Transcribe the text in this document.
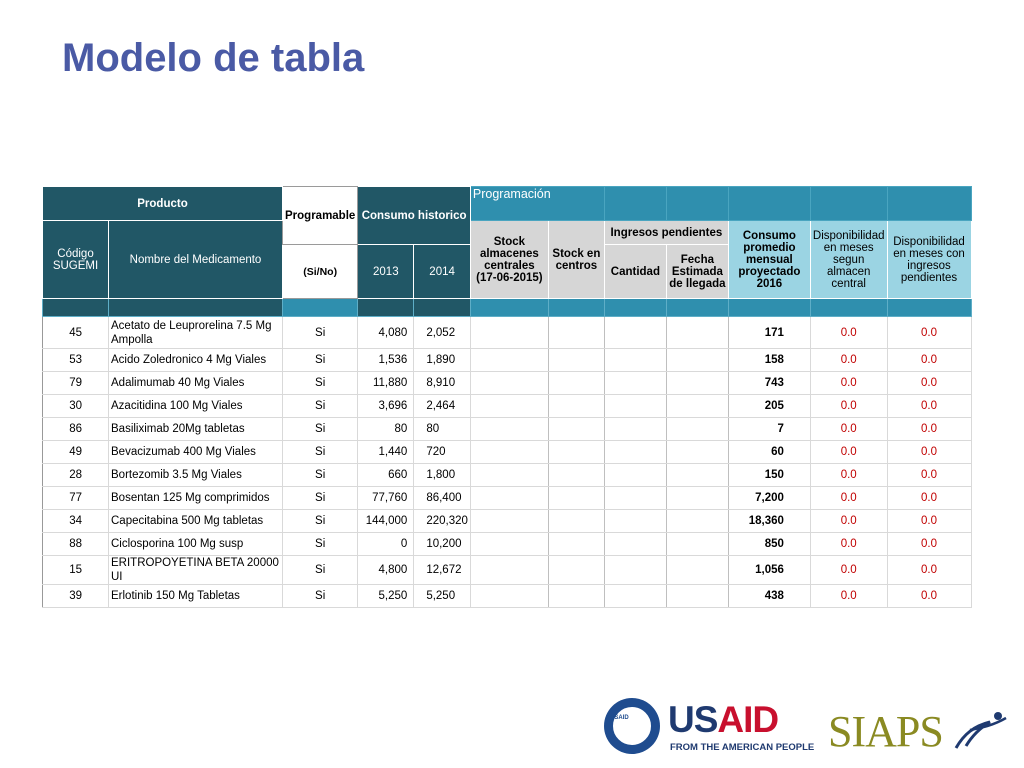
Modelo de tabla
Producto		Programable	Consumo historico		Programación						
Código SUGEMI	Nombre del Medicamento				Stock almacenes centrales (17-06-2015)	Stock en centros	Ingresos pendientes		Consumo promedio mensual proyectado 2016	Disponibilidad en meses segun almacen central	Disponibilidad en meses con ingresos pendientes
		(Si/No)	2013	2014			Cantidad	Fecha Estimada de llegada			

45	Acetato de Leuprorelina 7.5 Mg Ampolla	Si	4,080	2,052					171	0.0	0.0
53	Acido Zoledronico 4 Mg Viales	Si	1,536	1,890					158	0.0	0.0
79	Adalimumab 40 Mg Viales	Si	11,880	8,910					743	0.0	0.0
30	Azacitidina 100 Mg Viales	Si	3,696	2,464					205	0.0	0.0
86	Basiliximab 20Mg tabletas	Si	80	80					7	0.0	0.0
49	Bevacizumab 400 Mg Viales	Si	1,440	720					60	0.0	0.0
28	Bortezomib 3.5 Mg Viales	Si	660	1,800					150	0.0	0.0
77	Bosentan 125 Mg comprimidos	Si	77,760	86,400					7,200	0.0	0.0
34	Capecitabina 500 Mg tabletas	Si	144,000	220,320					18,360	0.0	0.0
88	Ciclosporina 100 Mg susp	Si	0	10,200					850	0.0	0.0
15	ERITROPOYETINA BETA 20000 UI	Si	4,800	12,672					1,056	0.0	0.0
39	Erlotinib 150 Mg Tabletas	Si	5,250	5,250					438	0.0	0.0
USAID USAID
FROM THE AMERICAN PEOPLE SIAPS
